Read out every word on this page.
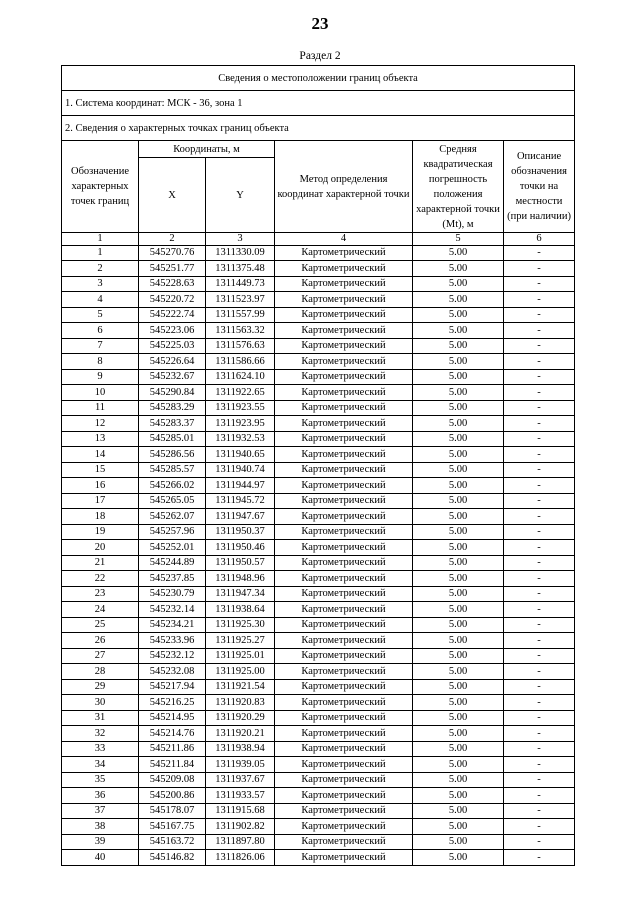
23
Раздел 2
Сведения о местоположении границ объекта					
1. Система координат: МСК - 36, зона 1					
2. Сведения о характерных точках границ объекта					
Обозначение характерных точек границ	Координаты, м		Метод определения координат характерной точки	Средняя квадратическая погрешность положения характерной точки (Mt), м	Описание обозначения точки на местности (при наличии)
	X	Y			
1	2	3	4	5	6
1	545270.76	1311330.09	Картометрический	5.00	-
2	545251.77	1311375.48	Картометрический	5.00	-
3	545228.63	1311449.73	Картометрический	5.00	-
4	545220.72	1311523.97	Картометрический	5.00	-
5	545222.74	1311557.99	Картометрический	5.00	-
6	545223.06	1311563.32	Картометрический	5.00	-
7	545225.03	1311576.63	Картометрический	5.00	-
8	545226.64	1311586.66	Картометрический	5.00	-
9	545232.67	1311624.10	Картометрический	5.00	-
10	545290.84	1311922.65	Картометрический	5.00	-
11	545283.29	1311923.55	Картометрический	5.00	-
12	545283.37	1311923.95	Картометрический	5.00	-
13	545285.01	1311932.53	Картометрический	5.00	-
14	545286.56	1311940.65	Картометрический	5.00	-
15	545285.57	1311940.74	Картометрический	5.00	-
16	545266.02	1311944.97	Картометрический	5.00	-
17	545265.05	1311945.72	Картометрический	5.00	-
18	545262.07	1311947.67	Картометрический	5.00	-
19	545257.96	1311950.37	Картометрический	5.00	-
20	545252.01	1311950.46	Картометрический	5.00	-
21	545244.89	1311950.57	Картометрический	5.00	-
22	545237.85	1311948.96	Картометрический	5.00	-
23	545230.79	1311947.34	Картометрический	5.00	-
24	545232.14	1311938.64	Картометрический	5.00	-
25	545234.21	1311925.30	Картометрический	5.00	-
26	545233.96	1311925.27	Картометрический	5.00	-
27	545232.12	1311925.01	Картометрический	5.00	-
28	545232.08	1311925.00	Картометрический	5.00	-
29	545217.94	1311921.54	Картометрический	5.00	-
30	545216.25	1311920.83	Картометрический	5.00	-
31	545214.95	1311920.29	Картометрический	5.00	-
32	545214.76	1311920.21	Картометрический	5.00	-
33	545211.86	1311938.94	Картометрический	5.00	-
34	545211.84	1311939.05	Картометрический	5.00	-
35	545209.08	1311937.67	Картометрический	5.00	-
36	545200.86	1311933.57	Картометрический	5.00	-
37	545178.07	1311915.68	Картометрический	5.00	-
38	545167.75	1311902.82	Картометрический	5.00	-
39	545163.72	1311897.80	Картометрический	5.00	-
40	545146.82	1311826.06	Картометрический	5.00	-
